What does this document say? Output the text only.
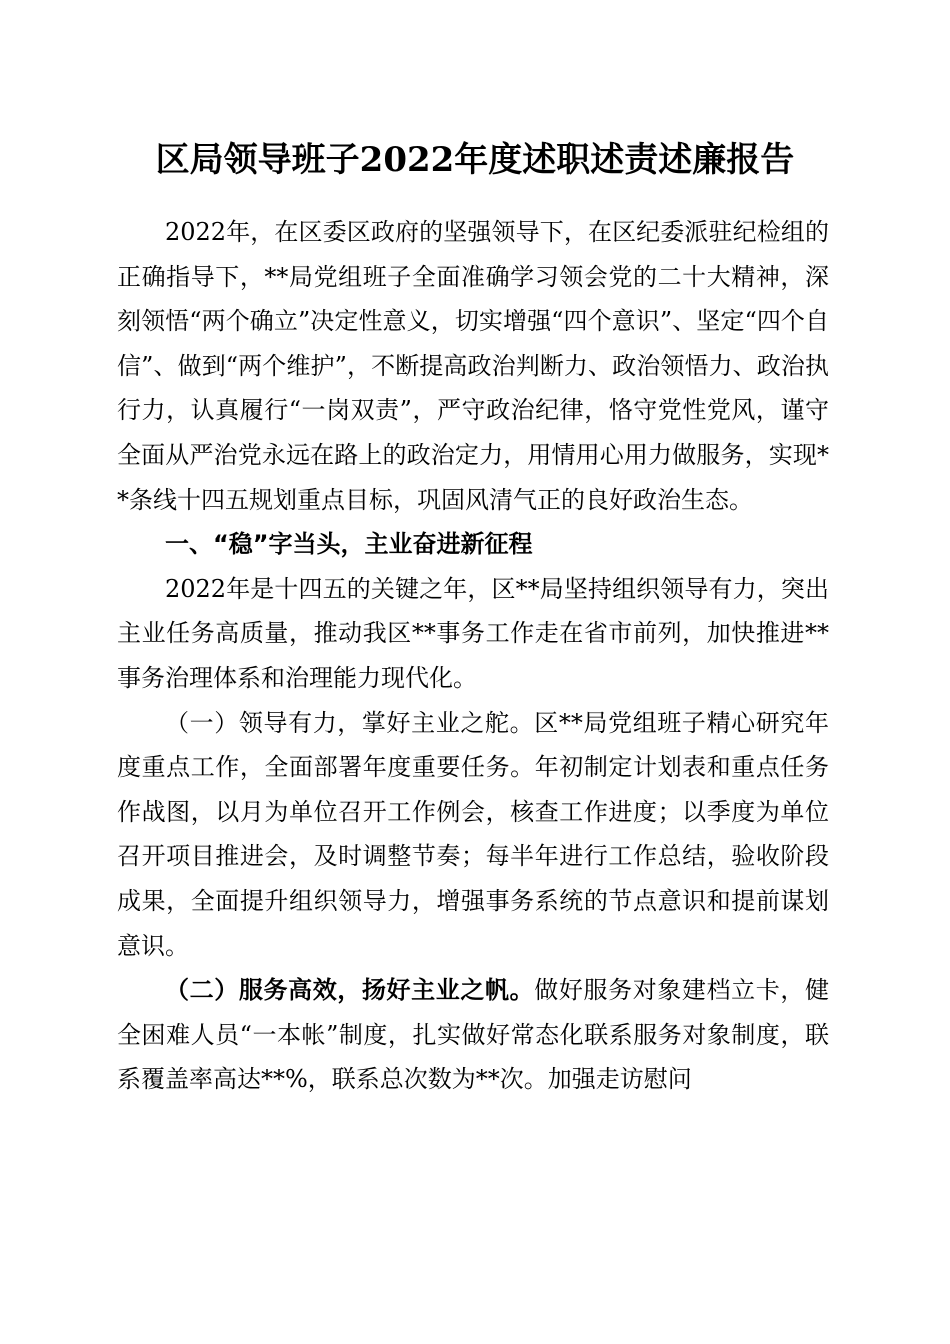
区局领导班子2022年度述职述责述廉报告

2022年，在区委区政府的坚强领导下，在区纪委派驻纪检组的正确指导下，**局党组班子全面准确学习领会党的二十大精神，深刻领悟“两个确立”决定性意义，切实增强“四个意识”、坚定“四个自信”、做到“两个维护”，不断提高政治判断力、政治领悟力、政治执行力，认真履行“一岗双责”，严守政治纪律，恪守党性党风，谨守全面从严治党永远在路上的政治定力，用情用心用力做服务，实现**条线十四五规划重点目标，巩固风清气正的良好政治生态。

一、“稳”字当头，主业奋进新征程

2022年是十四五的关键之年，区**局坚持组织领导有力，突出主业任务高质量，推动我区**事务工作走在省市前列，加快推进**事务治理体系和治理能力现代化。

（一）领导有力，掌好主业之舵。区**局党组班子精心研究年度重点工作，全面部署年度重要任务。年初制定计划表和重点任务作战图，以月为单位召开工作例会，核查工作进度；以季度为单位召开项目推进会，及时调整节奏；每半年进行工作总结，验收阶段成果，全面提升组织领导力，增强事务系统的节点意识和提前谋划意识。

（二）服务高效，扬好主业之帆。做好服务对象建档立卡，健全困难人员“一本帐”制度，扎实做好常态化联系服务对象制度，联系覆盖率高达**%，联系总次数为**次。加强走访慰问
